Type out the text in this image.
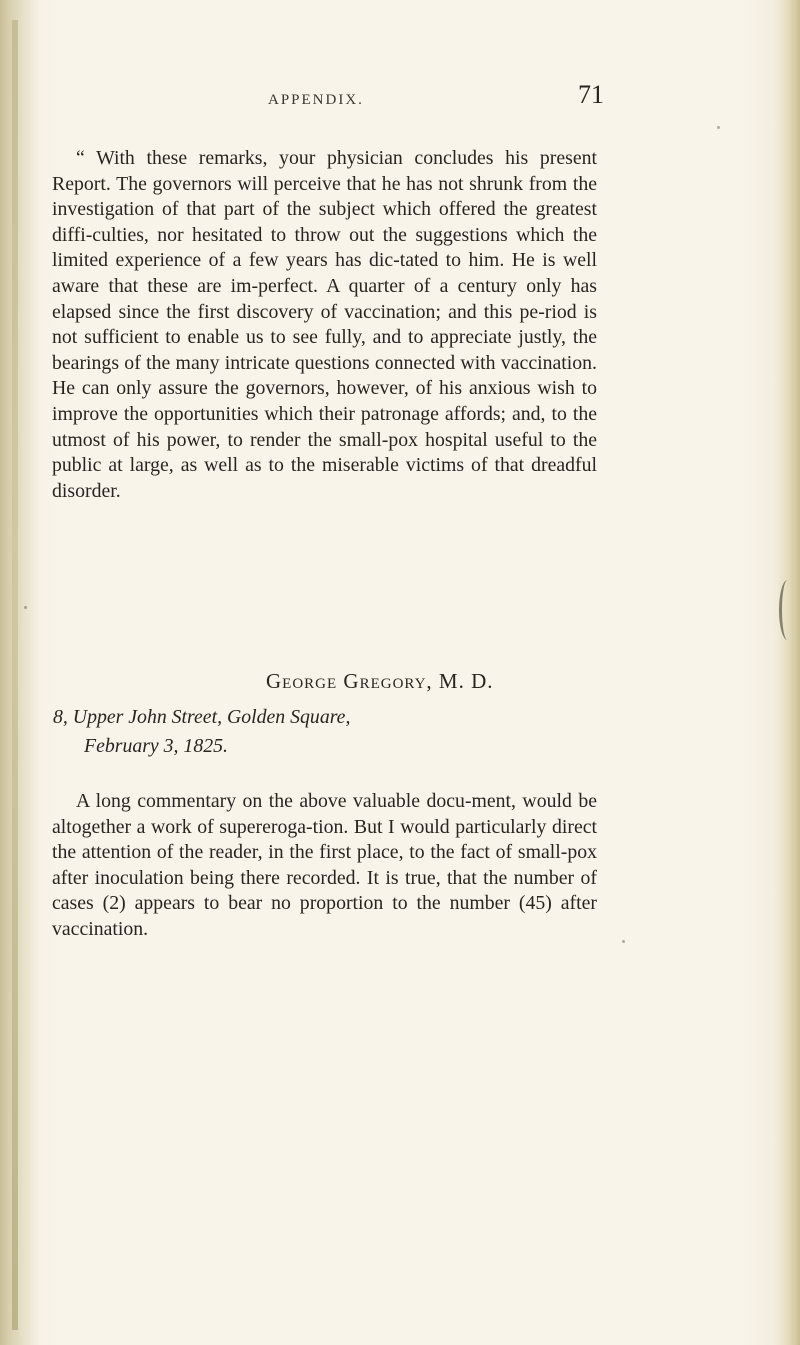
APPENDIX.	71

“ With these remarks, your physician concludes his present Report. The governors will perceive that he has not shrunk from the investigation of that part of the subject which offered the greatest diffi-culties, nor hesitated to throw out the suggestions which the limited experience of a few years has dic-tated to him. He is well aware that these are im-perfect. A quarter of a century only has elapsed since the first discovery of vaccination; and this pe-riod is not sufficient to enable us to see fully, and to appreciate justly, the bearings of the many intricate questions connected with vaccination. He can only assure the governors, however, of his anxious wish to improve the opportunities which their patronage affords; and, to the utmost of his power, to render the small-pox hospital useful to the public at large, as well as to the miserable victims of that dreadful disorder.

George Gregory, M. D.
8, Upper John Street, Golden Square,
February 3, 1825.

A long commentary on the above valuable docu-ment, would be altogether a work of supereroga-tion. But I would particularly direct the attention of the reader, in the first place, to the fact of small-pox after inoculation being there recorded. It is true, that the number of cases (2) appears to bear no proportion to the number (45) after vaccination.
